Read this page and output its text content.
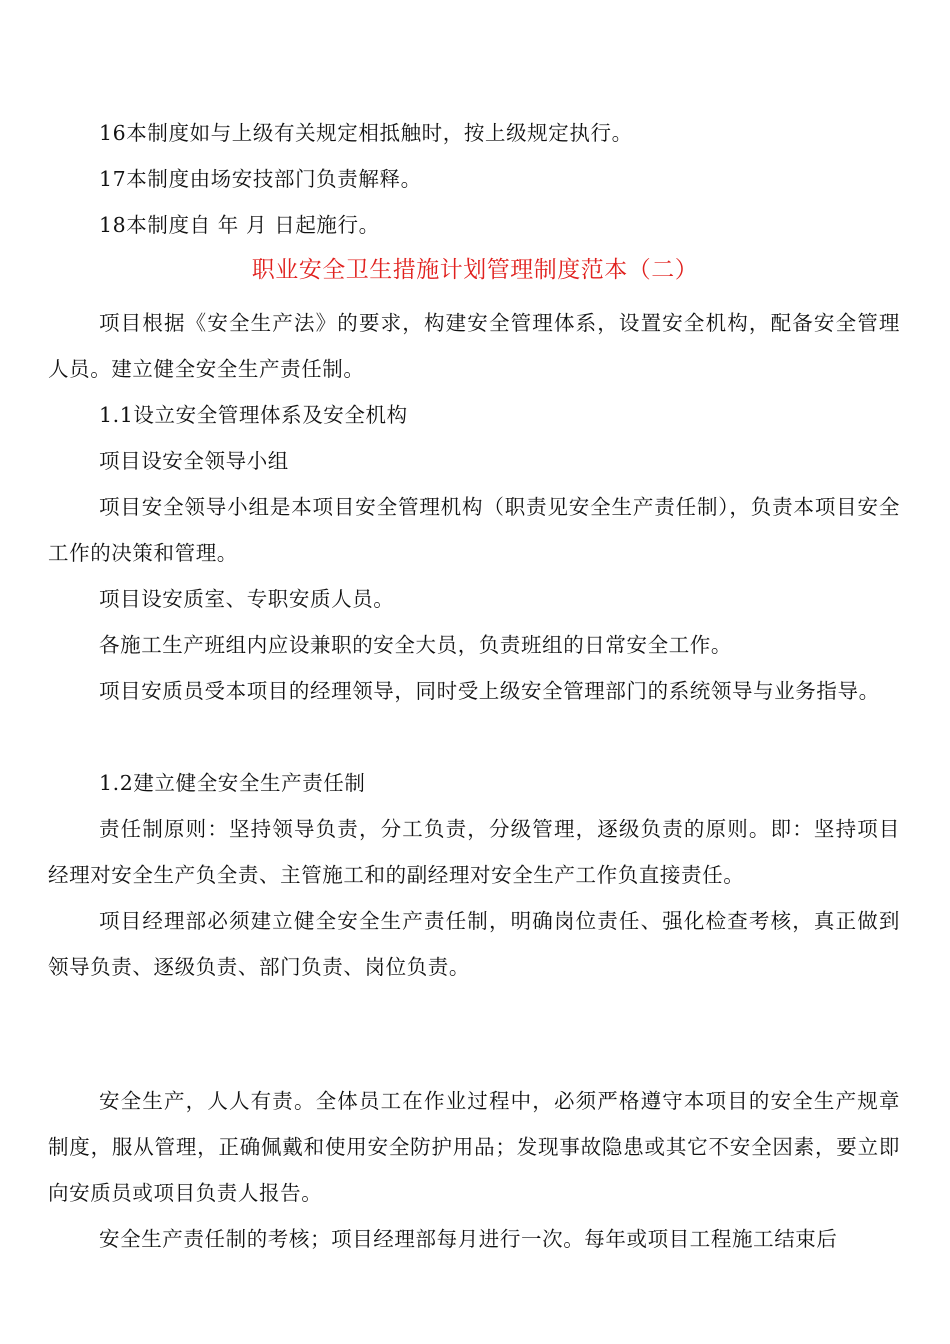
16本制度如与上级有关规定相抵触时，按上级规定执行。

17本制度由场安技部门负责解释。

18本制度自 年 月 日起施行。

职业安全卫生措施计划管理制度范本（二）

项目根据《安全生产法》的要求，构建安全管理体系，设置安全机构，配备安全管理人员。建立健全安全生产责任制。

1.1设立安全管理体系及安全机构

项目设安全领导小组

项目安全领导小组是本项目安全管理机构（职责见安全生产责任制），负责本项目安全工作的决策和管理。

项目设安质室、专职安质人员。

各施工生产班组内应设兼职的安全大员，负责班组的日常安全工作。

项目安质员受本项目的经理领导，同时受上级安全管理部门的系统领导与业务指导。

1.2建立健全安全生产责任制

责任制原则：坚持领导负责，分工负责，分级管理，逐级负责的原则。即：坚持项目经理对安全生产负全责、主管施工和的副经理对安全生产工作负直接责任。

项目经理部必须建立健全安全生产责任制，明确岗位责任、强化检查考核，真正做到领导负责、逐级负责、部门负责、岗位负责。

安全生产，人人有责。全体员工在作业过程中，必须严格遵守本项目的安全生产规章制度，服从管理，正确佩戴和使用安全防护用品；发现事故隐患或其它不安全因素，要立即向安质员或项目负责人报告。

安全生产责任制的考核；项目经理部每月进行一次。每年或项目工程施工结束后
